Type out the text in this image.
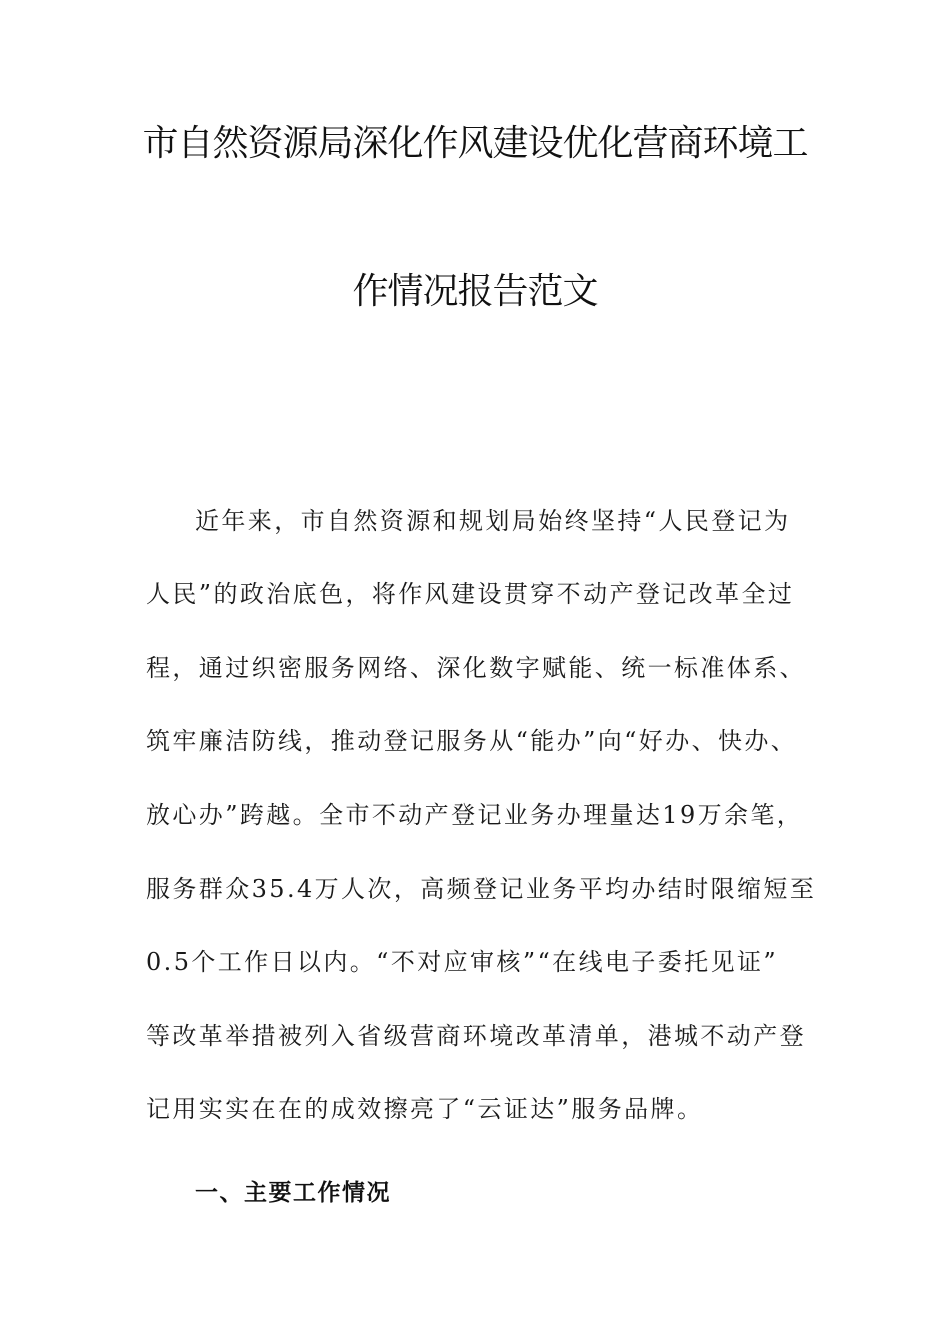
市自然资源局深化作风建设优化营商环境工
作情况报告范文
近年来，市自然资源和规划局始终坚持“人民登记为
人民”的政治底色，将作风建设贯穿不动产登记改革全过
程，通过织密服务网络、深化数字赋能、统一标准体系、
筑牢廉洁防线，推动登记服务从“能办”向“好办、快办、
放心办”跨越。全市不动产登记业务办理量达19万余笔，
服务群众35.4万人次，高频登记业务平均办结时限缩短至
0.5个工作日以内。“不对应审核”“在线电子委托见证”
等改革举措被列入省级营商环境改革清单，港城不动产登
记用实实在在的成效擦亮了“云证达”服务品牌。
一、主要工作情况
